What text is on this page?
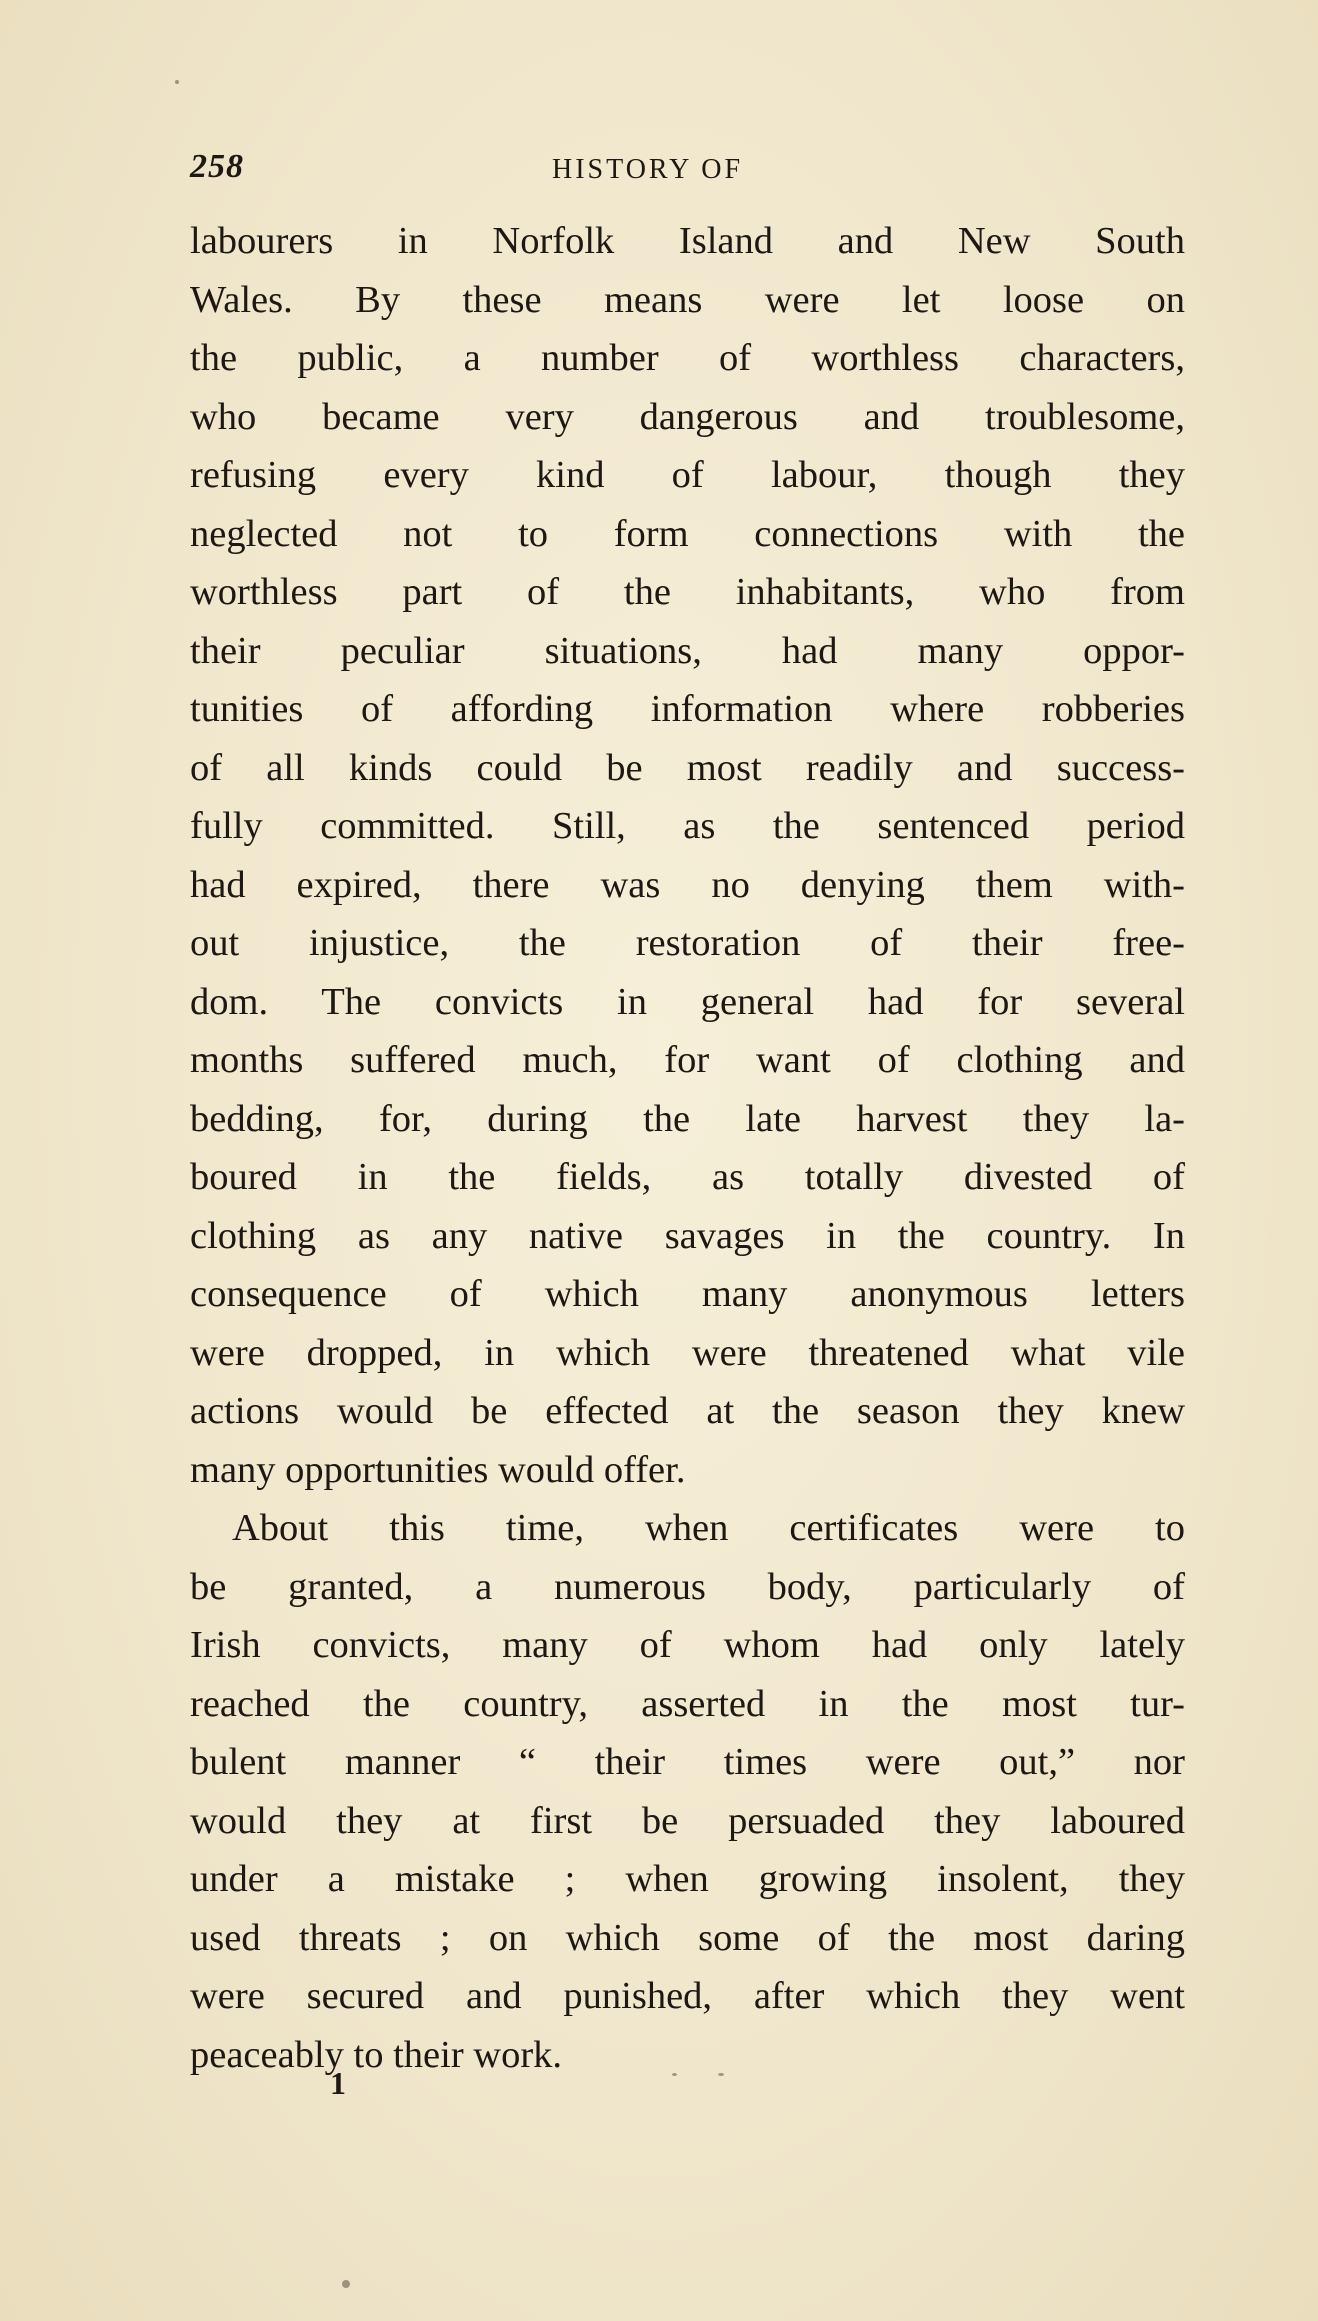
258	HISTORY OF
labourers in Norfolk Island and New South
Wales. By these means were let loose on
the public, a number of worthless characters,
who became very dangerous and troublesome,
refusing every kind of labour, though they
neglected not to form connections with the
worthless part of the inhabitants, who from
their peculiar situations, had many oppor-
tunities of affording information where robberies
of all kinds could be most readily and success-
fully committed. Still, as the sentenced period
had expired, there was no denying them with-
out injustice, the restoration of their free-
dom. The convicts in general had for several
months suffered much, for want of clothing and
bedding, for, during the late harvest they la-
boured in the fields, as totally divested of
clothing as any native savages in the country. In
consequence of which many anonymous letters
were dropped, in which were threatened what vile
actions would be effected at the season they knew
many opportunities would offer.
About this time, when certificates were to
be granted, a numerous body, particularly of
Irish convicts, many of whom had only lately
reached the country, asserted in the most tur-
bulent manner “ their times were out,” nor
would they at first be persuaded they laboured
under a mistake ; when growing insolent, they
used threats ; on which some of the most daring
were secured and punished, after which they went
peaceably to their work.
1
